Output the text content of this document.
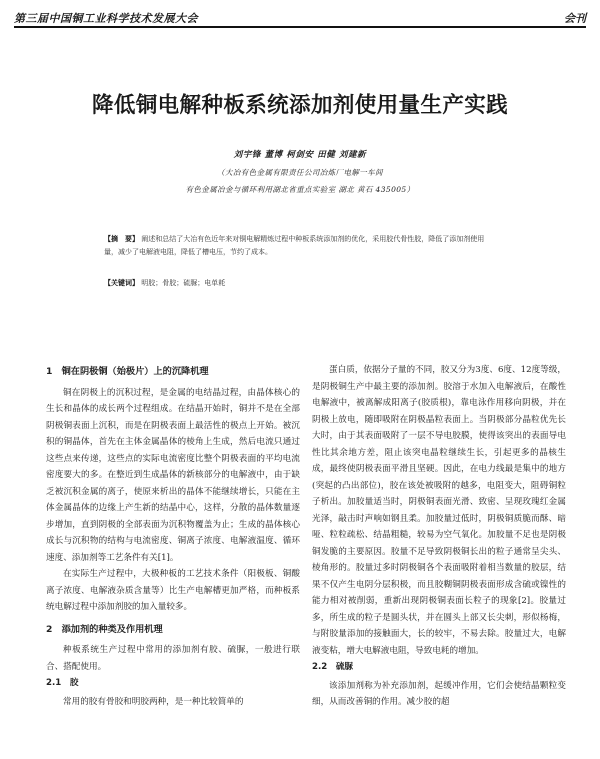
第三届中国铜工业科学技术发展大会	会刊
降低铜电解种板系统添加剂使用量生产实践
刘宇锋 董博 柯剑安 田健 刘建新
（大冶有色金属有限责任公司冶炼厂电解一车间
有色金属冶金与循环利用湖北省重点实验室 湖北 黄石 435005）
【摘　要】 阐述和总结了大冶有色近年来对铜电解精炼过程中种板系统添加剂的优化，采用胶代骨性胶，降低了添加剂使用量，减少了电解液电阻，降低了槽电压，节约了成本。
【关键词】 明胶；骨胶；硫脲；电单耗
1　铜在阴极铜（始极片）上的沉降机理

铜在阴极上的沉积过程，是金属的电结晶过程，由晶体核心的生长和晶体的成长两个过程组成。在结晶开始时，铜并不是在全部阴极铜表面上沉积，而是在阴极表面上最活性的极点上开始。被沉积的铜晶体，首先在主体金属晶体的棱角上生成，然后电流只通过这些点来传递，这些点的实际电流密度比整个阴极表面的平均电流密度要大的多。在整近到生成晶体的新核部分的电解液中，由于缺乏被沉积金属的离子，使原来析出的晶体不能继续增长，只能在主体金属晶体的边缘上产生新的结晶中心，这样，分散的晶体数量逐步增加，直到阴极的全部表面为沉积物覆盖为止；生成的晶体核心成长与沉积物的结构与电流密度、铜离子浓度、电解液温度、循环速度、添加剂等工艺条件有关[1]。

在实际生产过程中，大极种板的工艺技术条件（阳极板、铜酸离子浓度、电解液杂质含量等）比生产电解槽更加严格，而种板系统电解过程中添加剂胶的加入量较多。

2　添加剂的种类及作用机理

种板系统生产过程中常用的添加剂有胶、硫脲，一般进行联合、搭配使用。

2.1　胶

常用的胶有骨胶和明胶两种，是一种比较简单的

蛋白质，依据分子量的不同，胶又分为3度、6度、12度等级，是阴极铜生产中最主要的添加剂。胶溶于水加入电解液后，在酸性电解液中，被离解成阳离子(胶质根)，靠电泳作用移向阴极，并在阴极上放电，随即吸附在阴极晶粒表面上。当阴极部分晶粒优先长大时，由于其表面吸附了一层不导电胶膜，使得该突出的表面导电性比其余地方差，阻止该突电晶粒继续生长，引起更多的晶核生成，最终使阴极表面平滑且坚硬。因此，在电力线最是集中的地方(突起的凸出部位)，胶在该处被吸附的越多，电阻变大，阻碍铜粒子析出。加胶量适当时，阴极铜表面光滑、致密、呈现玫瑰红金属光泽，敲击时声响如钢且柔。加胶量过低时，阴极铜质脆而酥、暗哑、粒粒疏松、结晶粗糙，较易为空气氧化。加胶量不足也是阴极铜发脆的主要原因。胶量不足导致阴极铜长出的粒子通常呈尖头、棱角形的。胶量过多时阴极铜各个表面吸附着相当数量的胶层，结果不仅产生电阴分层积极，而且胶糊铜阴极表面形成含硫或镍性的能力相对被削弱，重新出现阴极铜表面长粒子的现象[2]。胶量过多，所生成的粒子是圆头状，并在圆头上部又长尖刺，形似杨梅，与附胶量添加的接触面大，长的较牢，不易去除。胶量过大，电解液变粘，增大电解液电阻，导致电耗的增加。

2.2　硫脲

该添加剂称为补充添加剂，起缓冲作用，它们会使结晶颗粒变细，从而改善铜的作用。减少胶的超
